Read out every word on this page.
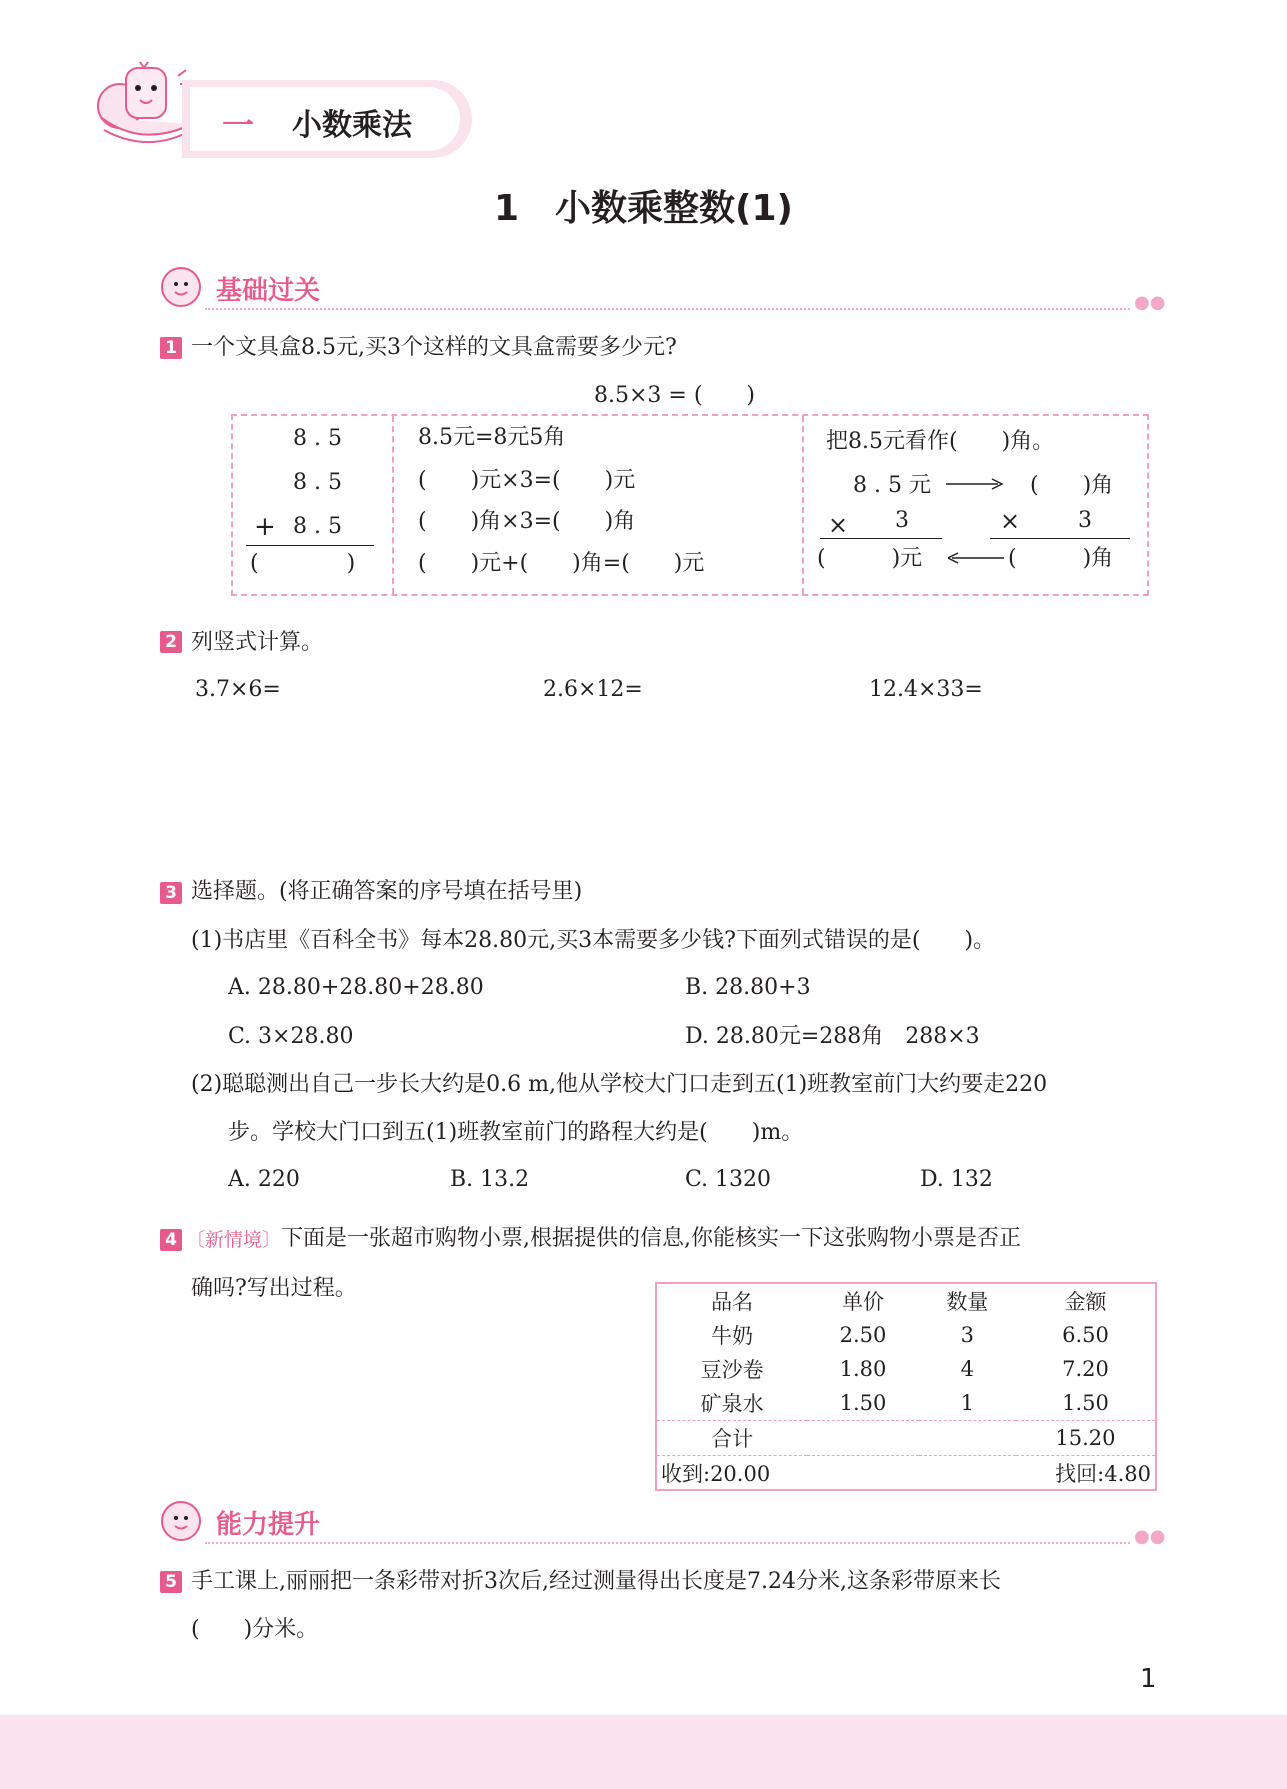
一 小数乘法
1　小数乘整数(1)
基础过关	●●
1 一个文具盒8.5元,买3个这样的文具盒需要多少元?
8.5×3 = (　　)
8 . 5
8 . 5
+ 8 . 5
(　　　　)
8.5元=8元5角
(　　)元×3=(　　)元
(　　)角×3=(　　)角
(　　)元+(　　)角=(　　)元
把8.5元看作(　　)角。
8 . 5 元	(　　)角
× 3	×	3
(　　　)元	(　　　)角
2 列竖式计算。
3.7×6=	2.6×12=	12.4×33=
3 选择题。(将正确答案的序号填在括号里)
(1)书店里《百科全书》每本28.80元,买3本需要多少钱?下面列式错误的是(　　)。
A. 28.80+28.80+28.80	B. 28.80+3
C. 3×28.80	D. 28.80元=288角　288×3
(2)聪聪测出自己一步长大约是0.6 m,他从学校大门口走到五(1)班教室前门大约要走220
步。学校大门口到五(1)班教室前门的路程大约是(　　)m。
A. 220	B. 13.2	C. 1320	D. 132
4 〔新情境〕 下面是一张超市购物小票,根据提供的信息,你能核实一下这张购物小票是否正
确吗?写出过程。
品名	单价	数量	金额
牛奶	2.50	3	6.50
豆沙卷	1.80	4	7.20
矿泉水	1.50	1	1.50
合计			15.20
收到:20.00		找回:4.80	
能力提升	●●
5 手工课上,丽丽把一条彩带对折3次后,经过测量得出长度是7.24分米,这条彩带原来长
(　　)分米。
1
